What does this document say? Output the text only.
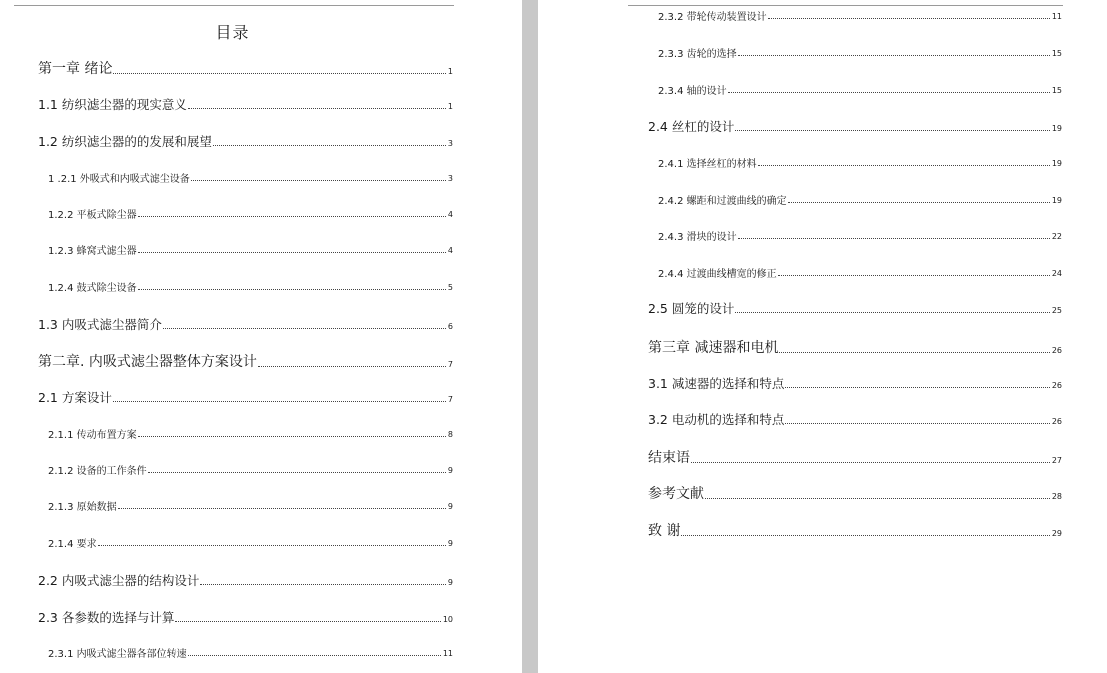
目录
第一章 绪论	1
1.1 纺织滤尘器的现实意义	1
1.2 纺织滤尘器的的发展和展望	3
1 .2.1 外吸式和内吸式滤尘设备	3
1.2.2 平板式除尘器	4
1.2.3 蜂窝式滤尘器	4
1.2.4 鼓式除尘设备	5
1.3 内吸式滤尘器简介	6
第二章. 内吸式滤尘器整体方案设计	7
2.1 方案设计	7
2.1.1 传动布置方案	8
2.1.2 设备的工作条件	9
2.1.3 原始数据	9
2.1.4 要求	9
2.2 内吸式滤尘器的结构设计	9
2.3 各参数的选择与计算	10
2.3.1 内吸式滤尘器各部位转速	11
2.3.2 带轮传动装置设计	11
2.3.3 齿轮的选择	15
2.3.4 轴的设计	15
2.4 丝杠的设计	19
2.4.1 选择丝杠的材料	19
2.4.2 螺距和过渡曲线的确定	19
2.4.3 滑块的设计	22
2.4.4 过渡曲线槽宽的修正	24
2.5 圆笼的设计	25
第三章 减速器和电机	26
3.1 减速器的选择和特点	26
3.2 电动机的选择和特点	26
结束语	27
参考文献	28
致 谢	29
